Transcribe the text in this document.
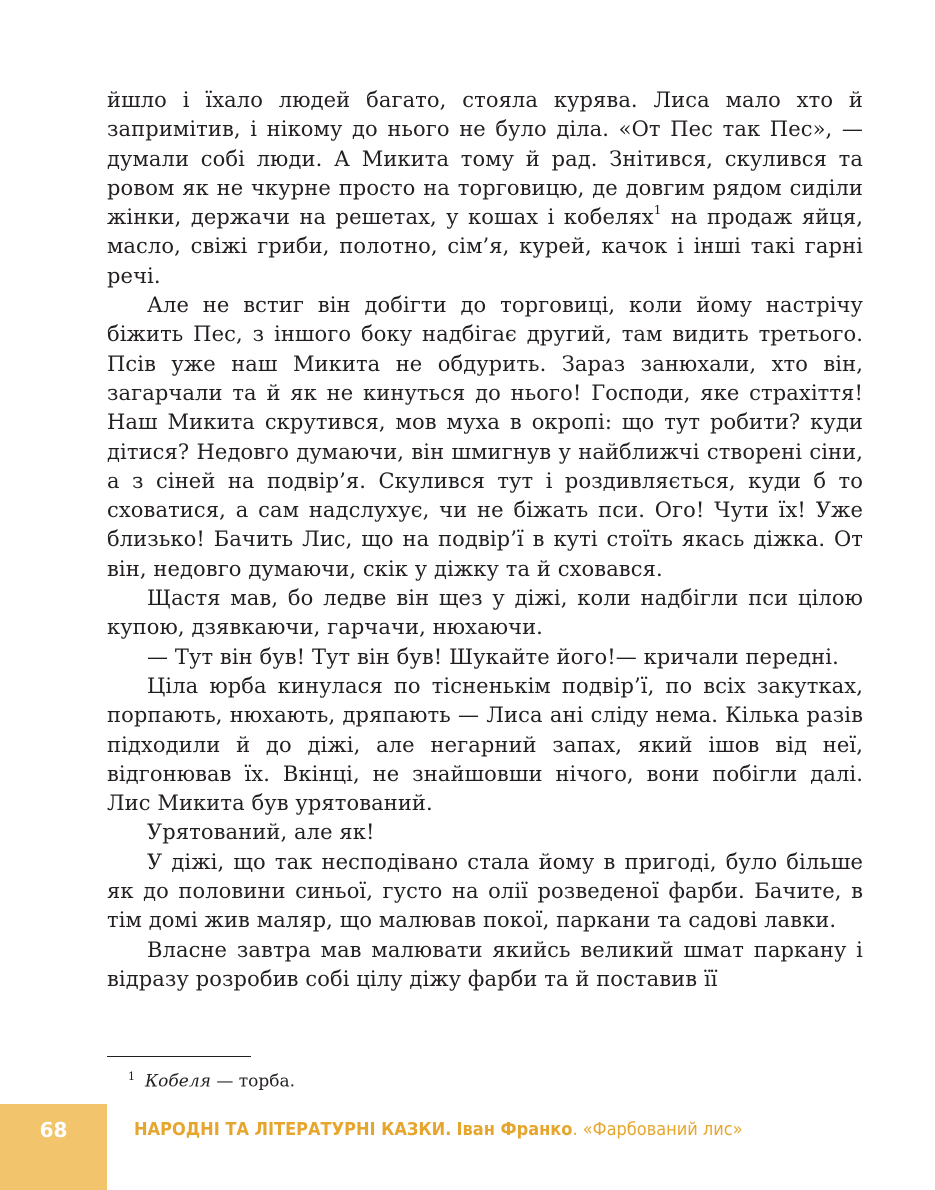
йшло і їхало людей багато, стояла курява. Лиса мало хто й запримітив, і нікому до нього не було діла. «От Пес так Пес», — думали собі люди. А Микита тому й рад. Знітився, скулився та ровом як не чкурне просто на торговицю, де довгим рядом сиділи жінки, держачи на решетах, у кошах і кобелях$^1$ на продаж яйця, масло, свіжі гриби, полотно, сім’я, курей, качок і інші такі гарні речі.

Але не встиг він добігти до торговиці, коли йому настрічу біжить Пес, з іншого боку надбігає другий, там видить третього. Псів уже наш Микита не обдурить. Зараз занюхали, хто він, загарчали та й як не кинуться до нього! Господи, яке страхіття! Наш Микита скрутився, мов муха в окропі: що тут робити? куди дітися? Недовго думаючи, він шмигнув у найближчі створені сіни, а з сіней на подвір’я. Скулився тут і роздивляється, куди б то сховатися, а сам надслухує, чи не біжать пси. Ого! Чути їх! Уже близько! Бачить Лис, що на подвір’ї в куті стоїть якась діжка. От він, недовго думаючи, скік у діжку та й сховався.

Щастя мав, бо ледве він щез у діжі, коли надбігли пси цілою купою, дзявкаючи, гарчачи, нюхаючи.

— Тут він був! Тут він був! Шукайте його!— кричали передні.

Ціла юрба кинулася по тісненькім подвір’ї, по всіх закутках, порпають, нюхають, дряпають — Лиса ані сліду нема. Кілька разів підходили й до діжі, але негарний запах, який ішов від неї, відгонював їх. Вкінці, не знайшовши нічого, вони побігли далі. Лис Микита був урятований.

Урятований, але як!

У діжі, що так несподівано стала йому в пригоді, було більше як до половини синьої, густо на олії розведеної фарби. Бачите, в тім домі жив маляр, що малював покої, паркани та садові лавки.

Власне завтра мав малювати якийсь великий шмат паркану і відразу розробив собі цілу діжу фарби та й поставив її

$^1$ Кобеля — торба.
68	НАРОДНІ ТА ЛІТЕРАТУРНІ КАЗКИ. Іван Франко. «Фарбований лис»
